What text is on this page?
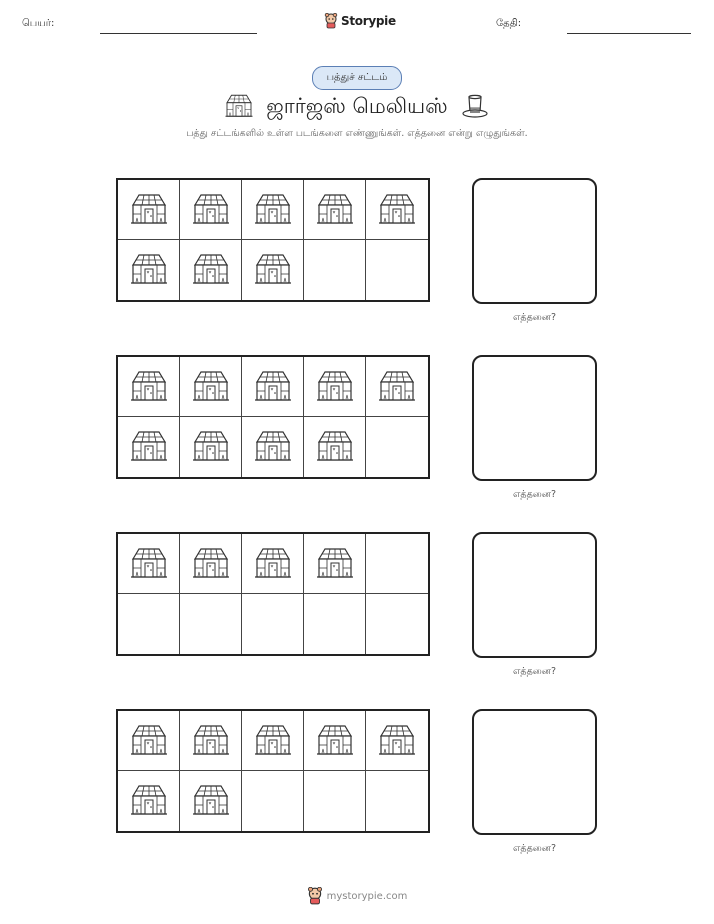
பெயர்:	Storypie	தேதி:
பத்துச் சட்டம்
ஜார்ஜஸ் மெலியஸ்
பத்து சட்டங்களில் உள்ள படங்களை எண்ணுங்கள். எத்தனை என்று எழுதுங்கள்.
எத்தனை?
எத்தனை?
எத்தனை?
எத்தனை?
mystorypie.com
